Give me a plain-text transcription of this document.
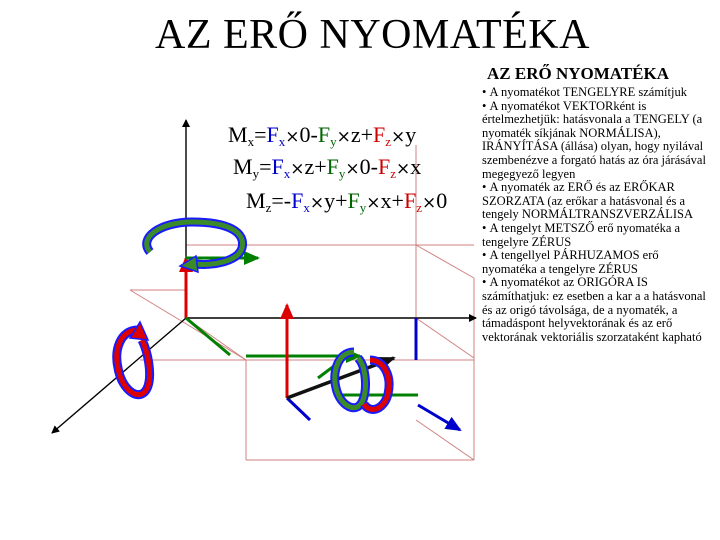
AZ ERŐ NYOMATÉKA
AZ ERŐ NYOMATÉKA
• A nyomatékot TENGELYRE számítjuk
• A nyomatékot VEKTORként is értelmezhetjük: hatásvonala a TENGELY (a nyomaték síkjának NORMÁLISA), IRÁNYÍTÁSA (állása) olyan, hogy nyilával szembenézve a forgató hatás az óra járásával megegyező legyen
• A nyomaték az ERŐ és az ERŐKAR SZORZATA (az erőkar a hatásvonal és a tengely NORMÁLTRANSZVERZÁLISA
• A tengelyt METSZŐ erő nyomatéka a tengelyre ZÉRUS
• A tengellyel PÁRHUZAMOS erő nyomatéka a tengelyre ZÉRUS
• A nyomatékot az ORIGÓRA IS számíthatjuk: ez esetben a kar a a hatásvonal és az origó távolsága, de a nyomaték, a támadáspont helyvektorának és az erő vektorának vektoriális szorzataként kapható
$M_x=F_x\times 0-F_y\times z+F_z\times y$
$M_y=F_x\times z+F_y\times 0-F_z\times x$
$M_z=-F_x\times y+F_y\times x+F_z\times 0$
